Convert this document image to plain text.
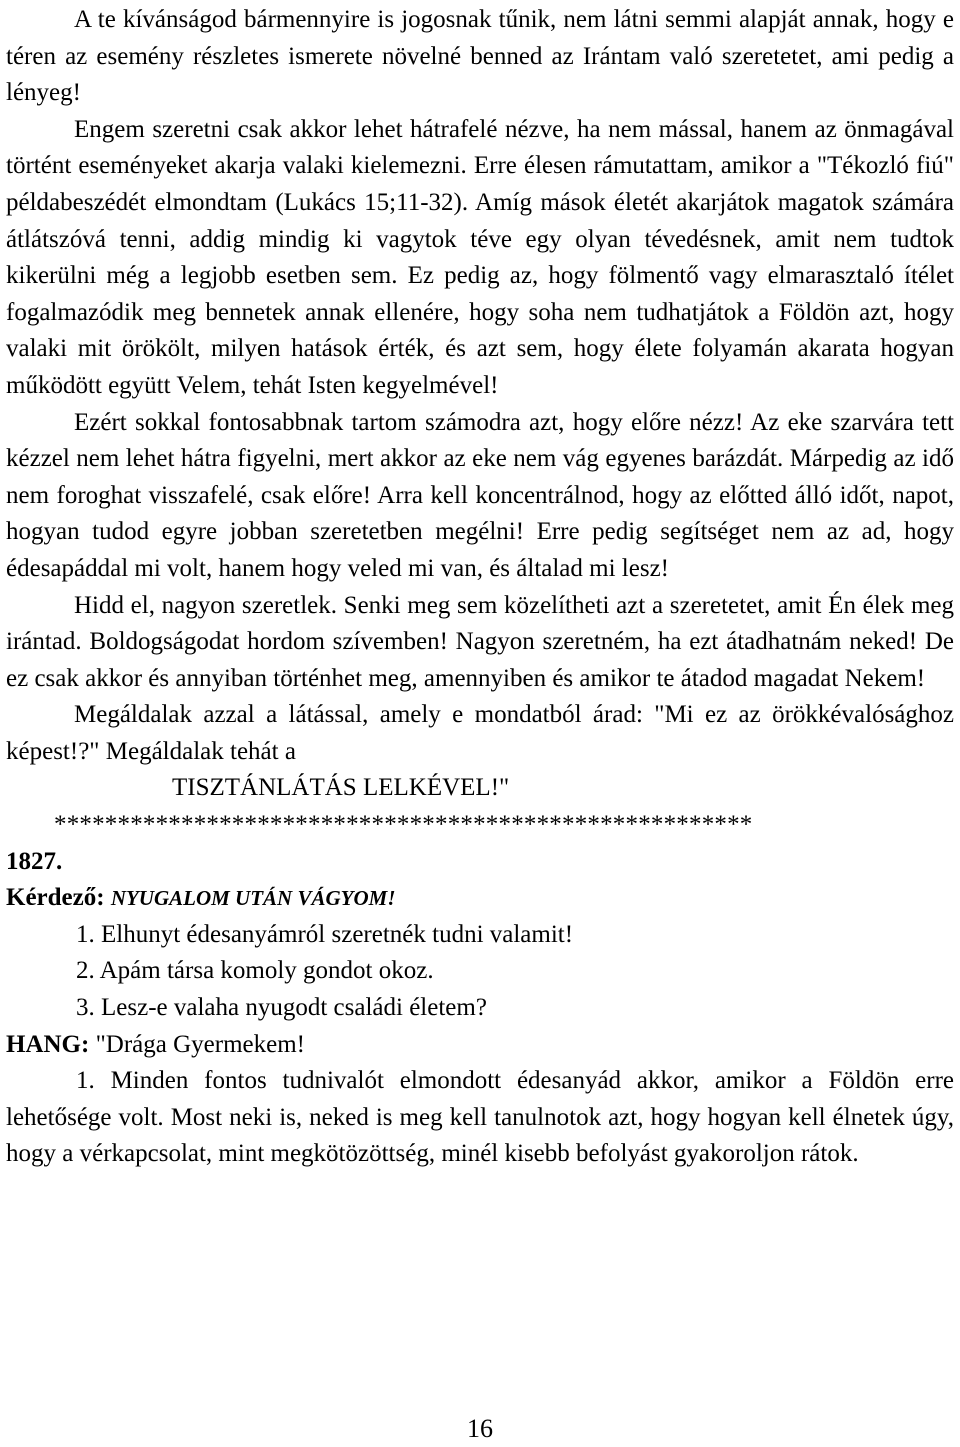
A te kívánságod bármennyire is jogosnak tűnik, nem látni semmi alapját annak, hogy e téren az esemény részletes ismerete növelné benned az Irántam való szeretetet, ami pedig a lényeg!

Engem szeretni csak akkor lehet hátrafelé nézve, ha nem mással, hanem az önmagával történt eseményeket akarja valaki kielemezni. Erre élesen rámutattam, amikor a "Tékozló fiú" példabeszédét elmondtam (Lukács 15;11-32). Amíg mások életét akarjátok magatok számára átlátszóvá tenni, addig mindig ki vagytok téve egy olyan tévedésnek, amit nem tudtok kikerülni még a legjobb esetben sem. Ez pedig az, hogy fölmentő vagy elmarasztaló ítélet fogalmazódik meg bennetek annak ellenére, hogy soha nem tudhatjátok a Földön azt, hogy valaki mit örökölt, milyen hatások érték, és azt sem, hogy élete folyamán akarata hogyan működött együtt Velem, tehát Isten kegyelmével!

Ezért sokkal fontosabbnak tartom számodra azt, hogy előre nézz! Az eke szarvára tett kézzel nem lehet hátra figyelni, mert akkor az eke nem vág egyenes barázdát. Márpedig az idő nem foroghat visszafelé, csak előre! Arra kell koncentrálnod, hogy az előtted álló időt, napot, hogyan tudod egyre jobban szeretetben megélni! Erre pedig segítséget nem az ad, hogy édesapáddal mi volt, hanem hogy veled mi van, és általad mi lesz!

Hidd el, nagyon szeretlek. Senki meg sem közelítheti azt a szeretetet, amit Én élek meg irántad. Boldogságodat hordom szívemben! Nagyon szeretném, ha ezt átadhatnám neked! De ez csak akkor és annyiban történhet meg, amennyiben és amikor te átadod magadat Nekem!

Megáldalak azzal a látással, amely e mondatból árad: "Mi ez az örökkévalósághoz képest!?" Megáldalak tehát a

TISZTÁNLÁTÁS LELKÉVEL!"

*******************************************************

1827.

Kérdező: NYUGALOM UTÁN VÁGYOM!

1. Elhunyt édesanyámról szeretnék tudni valamit!

2. Apám társa komoly gondot okoz.

3. Lesz-e valaha nyugodt családi életem?

HANG: "Drága Gyermekem!

1. Minden fontos tudnivalót elmondott édesanyád akkor, amikor a Földön erre lehetősége volt. Most neki is, neked is meg kell tanulnotok azt, hogy hogyan kell élnetek úgy, hogy a vérkapcsolat, mint megkötözöttség, minél kisebb befolyást gyakoroljon rátok.

16
